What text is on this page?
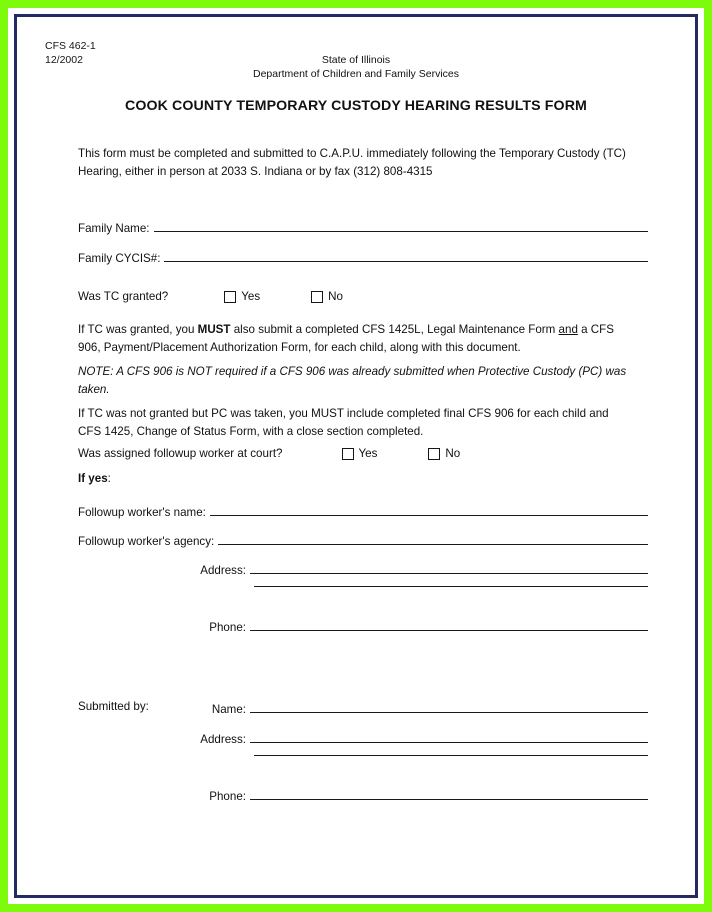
CFS 462-1
12/2002	State of Illinois
Department of Children and Family Services
COOK COUNTY TEMPORARY CUSTODY HEARING RESULTS FORM

This form must be completed and submitted to C.A.P.U. immediately following the Temporary Custody (TC) Hearing, either in person at 2033 S. Indiana or by fax (312) 808-4315

Family Name:
Family CYCIS#:
Was TC granted?	Yes	No

If TC was granted, you MUST also submit a completed CFS 1425L, Legal Maintenance Form and a CFS 906, Payment/Placement Authorization Form, for each child, along with this document.

NOTE: A CFS 906 is NOT required if a CFS 906 was already submitted when Protective Custody (PC) was taken.

If TC was not granted but PC was taken, you MUST include completed final CFS 906 for each child and CFS 1425, Change of Status Form, with a close section completed.

Was assigned followup worker at court?	Yes	No
If yes :
Followup worker's name:
Followup worker's agency:
Address:
Phone:
Submitted by:	Name:
Address:
Phone:
